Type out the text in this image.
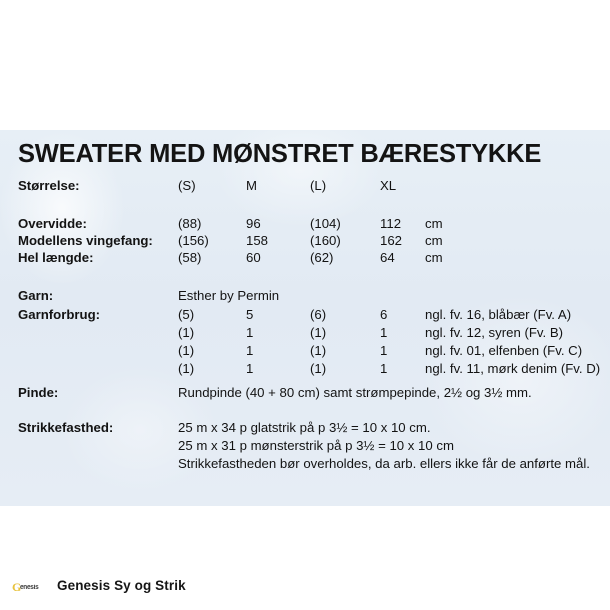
SWEATER MED MØNSTRET BÆRESTYKKE
Størrelse:	(S)	M	(L)	XL
Overvidde:	(88)	96	(104)	112 cm
Modellens vingefang: (156)	158	(160)	162 cm
Hel længde:	(58)	60	(62)	64 cm
Garn:	Esther by Permin
Garnforbrug:	(5)	5	(6)	6	ngl. fv. 16, blåbær (Fv. A)
(1)	1	(1)	1	ngl. fv. 12, syren (Fv. B)
(1)	1	(1)	1	ngl. fv. 01, elfenben (Fv. C)
(1)	1	(1)	1	ngl. fv. 11, mørk denim (Fv. D)
Pinde:	Rundpinde (40 + 80 cm) samt strømpepinde, 2½ og 3½ mm.
Strikkefasthed:	25 m x 34 p glatstrik på p 3½ = 10 x 10 cm.
25 m x 31 p mønsterstrik på p 3½ = 10 x 10 cm
Strikkefastheden bør overholdes, da arb. ellers ikke får de anførte mål.
G
enesis Genesis Sy og Strik
